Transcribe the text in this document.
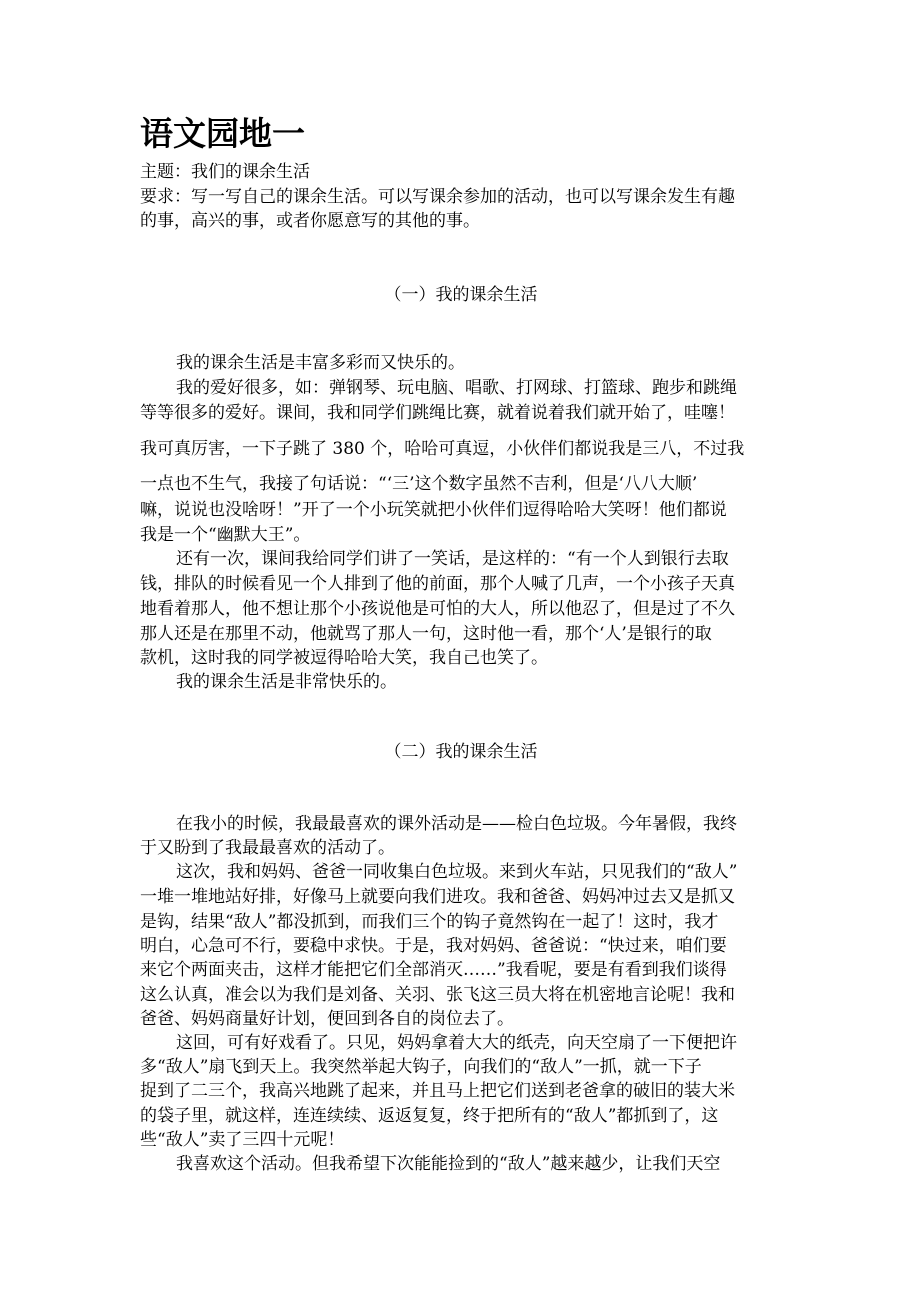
语文园地一
主题：我们的课余生活
要求：写一写自己的课余生活。可以写课余参加的活动，也可以写课余发生有趣
的事，高兴的事，或者你愿意写的其他的事。
（一）我的课余生活
我的课余生活是丰富多彩而又快乐的。
我的爱好很多，如：弹钢琴、玩电脑、唱歌、打网球、打篮球、跑步和跳绳
等等很多的爱好。课间，我和同学们跳绳比赛，就着说着我们就开始了，哇噻！
我可真厉害，一下子跳了 380 个，哈哈可真逗，小伙伴们都说我是三八，不过我
一点也不生气，我接了句话说：“‘三’这个数字虽然不吉利，但是‘八八大顺’
嘛，说说也没啥呀！”开了一个小玩笑就把小伙伴们逗得哈哈大笑呀！他们都说
我是一个“幽默大王”。
还有一次，课间我给同学们讲了一笑话，是这样的：“有一个人到银行去取
钱，排队的时候看见一个人排到了他的前面，那个人喊了几声，一个小孩子天真
地看着那人，他不想让那个小孩说他是可怕的大人，所以他忍了，但是过了不久
那人还是在那里不动，他就骂了那人一句，这时他一看，那个‘人’是银行的取
款机，这时我的同学被逗得哈哈大笑，我自己也笑了。
我的课余生活是非常快乐的。
（二）我的课余生活
在我小的时候，我最最喜欢的课外活动是——检白色垃圾。今年暑假，我终
于又盼到了我最最喜欢的活动了。
这次，我和妈妈、爸爸一同收集白色垃圾。来到火车站，只见我们的“敌人”
一堆一堆地站好排，好像马上就要向我们进攻。我和爸爸、妈妈冲过去又是抓又
是钩，结果“敌人”都没抓到，而我们三个的钩子竟然钩在一起了！这时，我才
明白，心急可不行，要稳中求快。于是，我对妈妈、爸爸说：“快过来，咱们要
来它个两面夹击，这样才能把它们全部消灭……”我看呢，要是有看到我们谈得
这么认真，准会以为我们是刘备、关羽、张飞这三员大将在机密地言论呢！我和
爸爸、妈妈商量好计划，便回到各自的岗位去了。
这回，可有好戏看了。只见，妈妈拿着大大的纸壳，向天空扇了一下便把许
多“敌人”扇飞到天上。我突然举起大钩子，向我们的“敌人”一抓，就一下子
捉到了二三个，我高兴地跳了起来，并且马上把它们送到老爸拿的破旧的装大米
的袋子里，就这样，连连续续、返返复复，终于把所有的“敌人”都抓到了，这
些“敌人”卖了三四十元呢！
我喜欢这个活动。但我希望下次能能捡到的“敌人”越来越少，让我们天空
